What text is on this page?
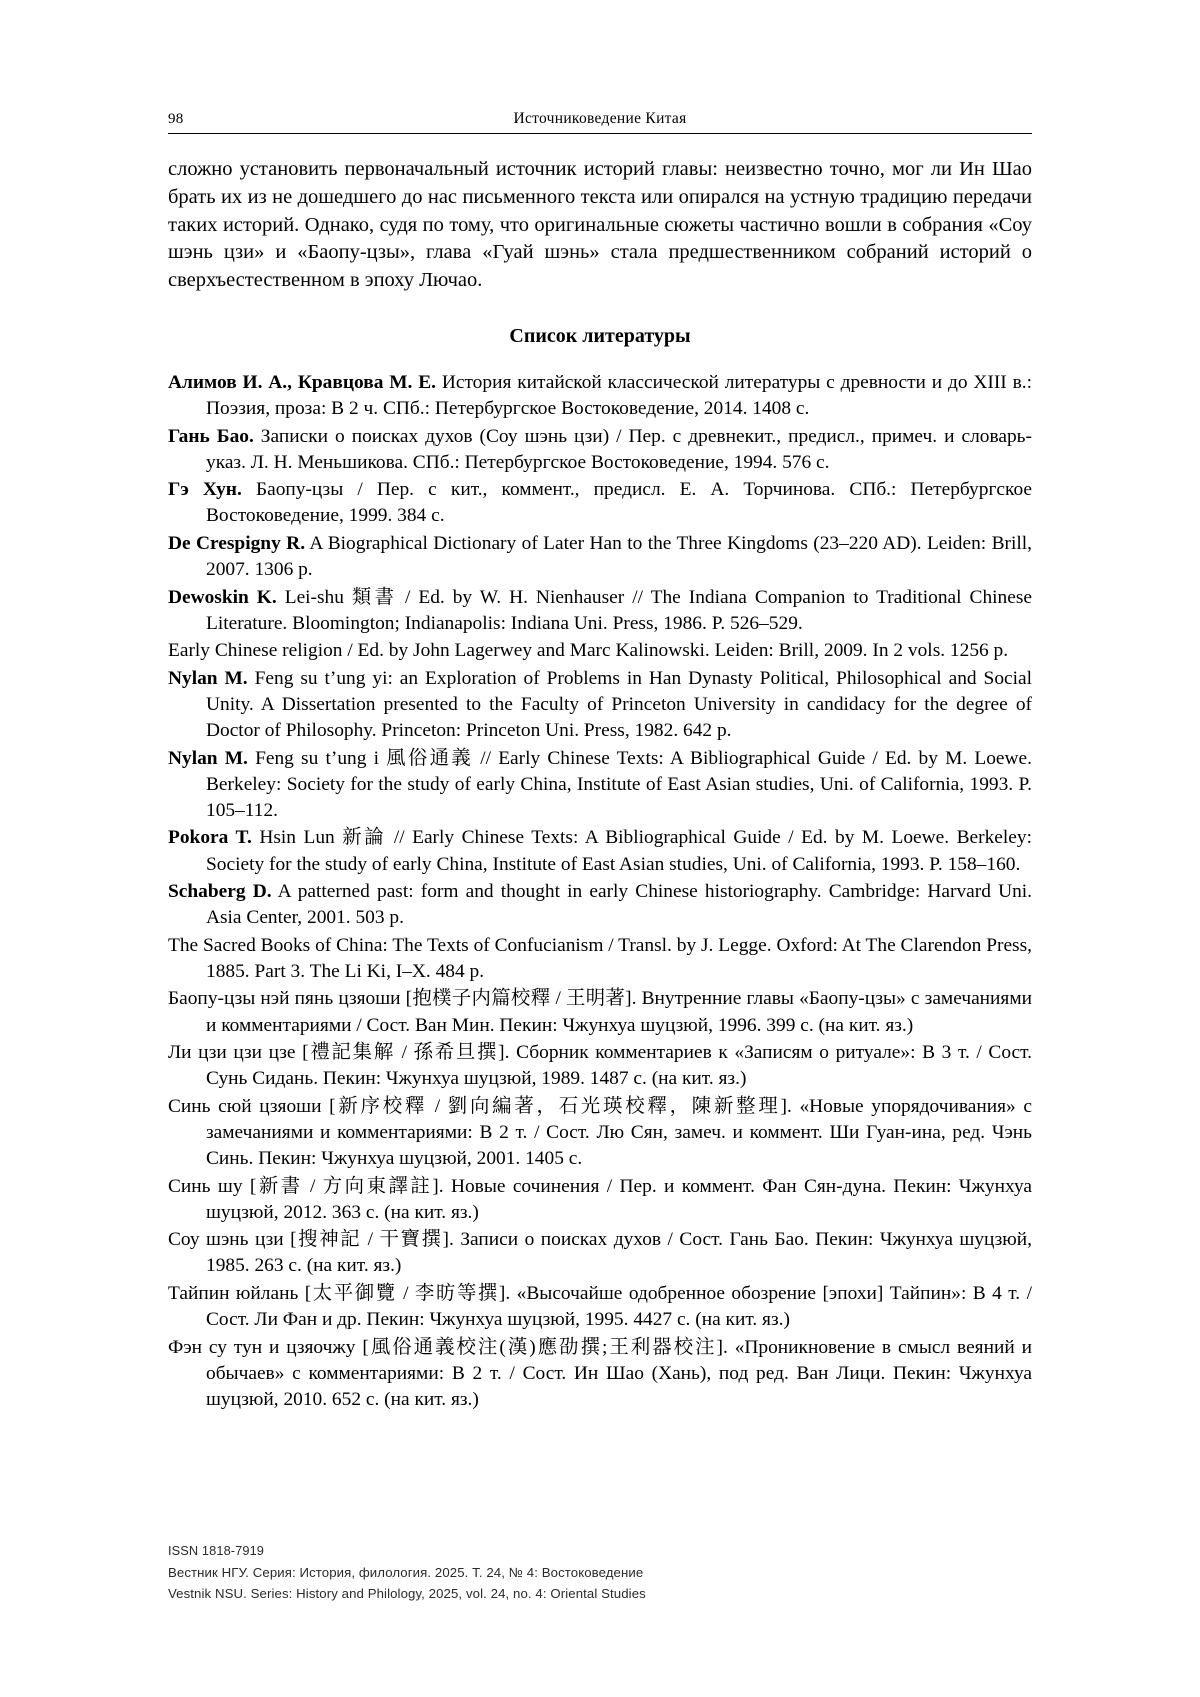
98	Источниковедение Китая

сложно установить первоначальный источник историй главы: неизвестно точно, мог ли Ин Шао брать их из не дошедшего до нас письменного текста или опирался на устную традицию передачи таких историй. Однако, судя по тому, что оригинальные сюжеты частично вошли в собрания «Соу шэнь цзи» и «Баопу-цзы», глава «Гуай шэнь» стала предшественником собраний историй о сверхъестественном в эпоху Лючао.

Список литературы
Алимов И. А., Кравцова М. Е. История китайской классической литературы с древности и до XIII в.: Поэзия, проза: В 2 ч. СПб.: Петербургское Востоковедение, 2014. 1408 с.
Гань Бао. Записки о поисках духов (Соу шэнь цзи) / Пер. с древнекит., предисл., примеч. и словарь-указ. Л. Н. Меньшикова. СПб.: Петербургское Востоковедение, 1994. 576 с.
Гэ Хун. Баопу-цзы / Пер. с кит., коммент., предисл. Е. А. Торчинова. СПб.: Петербургское Востоковедение, 1999. 384 с.
De Crespigny R. A Biographical Dictionary of Later Han to the Three Kingdoms (23–220 AD). Leiden: Brill, 2007. 1306 p.
Dewoskin K. Lei-shu 類書 / Ed. by W. H. Nienhauser // The Indiana Companion to Traditional Chinese Literature. Bloomington; Indianapolis: Indiana Uni. Press, 1986. P. 526–529.
Early Chinese religion / Ed. by John Lagerwey and Marc Kalinowski. Leiden: Brill, 2009. In 2 vols. 1256 p.
Nylan M. Feng su t’ung yi: an Exploration of Problems in Han Dynasty Political, Philosophical and Social Unity. A Dissertation presented to the Faculty of Princeton University in candidacy for the degree of Doctor of Philosophy. Princeton: Princeton Uni. Press, 1982. 642 p.
Nylan M. Feng su t’ung i 風俗通義 // Early Chinese Texts: A Bibliographical Guide / Ed. by M. Loewe. Berkeley: Society for the study of early China, Institute of East Asian studies, Uni. of California, 1993. P. 105–112.
Pokora T. Hsin Lun 新論 // Early Chinese Texts: A Bibliographical Guide / Ed. by M. Loewe. Berkeley: Society for the study of early China, Institute of East Asian studies, Uni. of California, 1993. P. 158–160.
Schaberg D. A patterned past: form and thought in early Chinese historiography. Cambridge: Harvard Uni. Asia Center, 2001. 503 p.
The Sacred Books of China: The Texts of Confucianism / Transl. by J. Legge. Oxford: At The Clarendon Press, 1885. Part 3. The Li Ki, I–X. 484 p.
Баопу-цзы нэй пянь цзяоши [抱樸子内篇校釋 / 王明著]. Внутренние главы «Баопу-цзы» с замечаниями и комментариями / Сост. Ван Мин. Пекин: Чжунхуа шуцзюй, 1996. 399 с. (на кит. яз.)
Ли цзи цзи цзе [禮記集解 / 孫希旦撰]. Сборник комментариев к «Записям о ритуале»: В 3 т. / Сост. Сунь Сидань. Пекин: Чжунхуа шуцзюй, 1989. 1487 с. (на кит. яз.)
Синь сюй цзяоши [新序校釋 / 劉向編著，石光瑛校釋，陳新整理]. «Новые упорядочивания» с замечаниями и комментариями: В 2 т. / Сост. Лю Сян, замеч. и коммент. Ши Гуан-ина, ред. Чэнь Синь. Пекин: Чжунхуа шуцзюй, 2001. 1405 с.
Синь шу [新書 / 方向東譯註]. Новые сочинения / Пер. и коммент. Фан Сян-дуна. Пекин: Чжунхуа шуцзюй, 2012. 363 с. (на кит. яз.)
Соу шэнь цзи [搜神記 / 干寶撰]. Записи о поисках духов / Сост. Гань Бао. Пекин: Чжунхуа шуцзюй, 1985. 263 с. (на кит. яз.)
Тайпин юйлань [太平御覽 / 李昉等撰]. «Высочайше одобренное обозрение [эпохи] Тайпин»: В 4 т. / Сост. Ли Фан и др. Пекин: Чжунхуа шуцзюй, 1995. 4427 с. (на кит. яз.)
Фэн су тун и цзяочжу [風俗通義校注(漢)應劭撰;王利器校注]. «Проникновение в смысл веяний и обычаев» с комментариями: В 2 т. / Сост. Ин Шао (Хань), под ред. Ван Лици. Пекин: Чжунхуа шуцзюй, 2010. 652 с. (на кит. яз.)
ISSN 1818-7919
Вестник НГУ. Серия: История, филология. 2025. Т. 24, № 4: Востоковедение
Vestnik NSU. Series: History and Philology, 2025, vol. 24, no. 4: Oriental Studies
